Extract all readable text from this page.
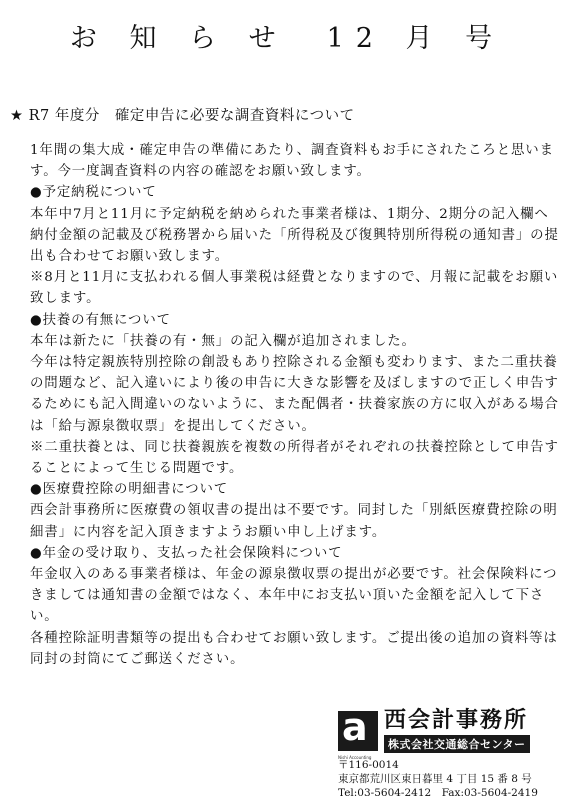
お 知 ら せ　12 月 号
★ R7 年度分　確定申告に必要な調査資料について

1年間の集大成・確定申告の準備にあたり、調査資料もお手にされたころと思います。今一度調査資料の内容の確認をお願い致します。

●予定納税について

本年中7月と11月に予定納税を納められた事業者様は、1期分、2期分の記入欄へ納付金額の記載及び税務署から届いた「所得税及び復興特別所得税の通知書」の提出も合わせてお願い致します。

※8月と11月に支払われる個人事業税は経費となりますので、月報に記載をお願い致します。

●扶養の有無について

本年は新たに「扶養の有・無」の記入欄が追加されました。

今年は特定親族特別控除の創設もあり控除される金額も変わります、また二重扶養の問題など、記入違いにより後の申告に大きな影響を及ぼしますので正しく申告するためにも記入間違いのないように、また配偶者・扶養家族の方に収入がある場合は「給与源泉徴収票」を提出してください。

※二重扶養とは、同じ扶養親族を複数の所得者がそれぞれの扶養控除として申告することによって生じる問題です。

●医療費控除の明細書について

西会計事務所に医療費の領収書の提出は不要です。同封した「別紙医療費控除の明細書」に内容を記入頂きますようお願い申し上げます。

●年金の受け取り、支払った社会保険料について

年金収入のある事業者様は、年金の源泉徴収票の提出が必要です。社会保険料につきましては通知書の金額ではなく、本年中にお支払い頂いた金額を記入して下さい。

各種控除証明書類等の提出も合わせてお願い致します。ご提出後の追加の資料等は同封の封筒にてご郵送ください。

a
Nishi Accounting
西会計事務所
株式会社交通総合センター
〒116-0014
東京都荒川区東日暮里 4 丁目 15 番 8 号
Tel:03-5604-2412　Fax:03-5604-2419
